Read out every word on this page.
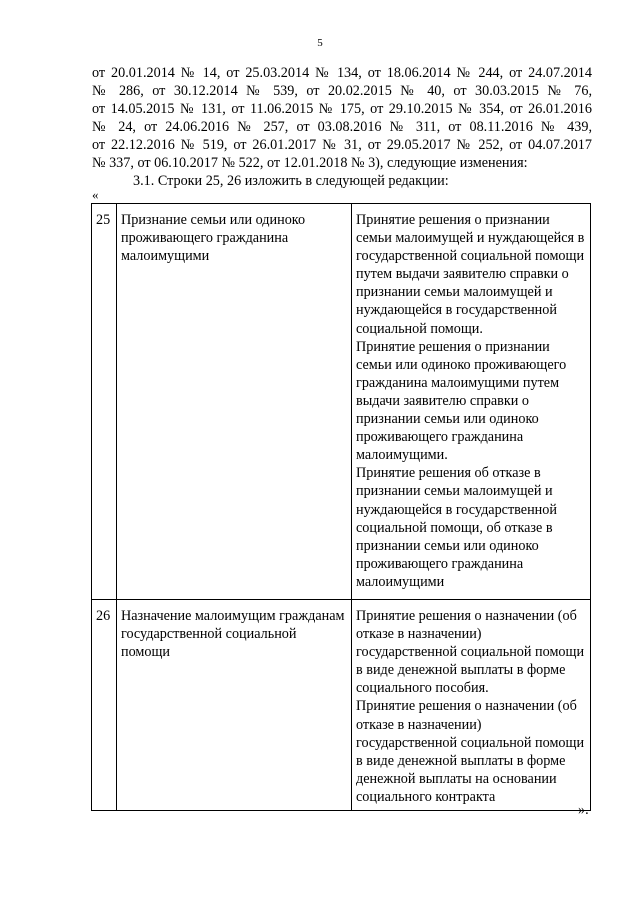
5
от 20.01.2014 № 14, от 25.03.2014 № 134, от 18.06.2014 № 244, от 24.07.2014
№ 286, от 30.12.2014 № 539, от 20.02.2015 № 40, от 30.03.2015 № 76,
от 14.05.2015 № 131, от 11.06.2015 № 175, от 29.10.2015 № 354, от 26.01.2016
№ 24, от 24.06.2016 № 257, от 03.08.2016 № 311, от 08.11.2016 № 439,
от 22.12.2016 № 519, от 26.01.2017 № 31, от 29.05.2017 № 252, от 04.07.2017
№ 337, от 06.10.2017 № 522, от 12.01.2018 № 3), следующие изменения:
3.1. Строки 25, 26 изложить в следующей редакции:
«
25	Признание семьи или одиноко проживающего гражданина малоимущими	Принятие решения о признании семьи малоимущей и нуждающейся в государственной социальной помощи путем выдачи заявителю справки о признании семьи малоимущей и нуждающейся в государственной социальной помощи.
Принятие решения о признании семьи или одиноко проживающего гражданина малоимущими путем выдачи заявителю справки о признании семьи или одиноко проживающего гражданина малоимущими.
Принятие решения об отказе в признании семьи малоимущей и нуждающейся в государственной социальной помощи, об отказе в признании семьи или одиноко проживающего гражданина малоимущими

26	Назначение малоимущим гражданам государственной социальной помощи	Принятие решения о назначении (об отказе в назначении) государственной социальной помощи в виде денежной выплаты в форме социального пособия.
Принятие решения о назначении (об отказе в назначении) государственной социальной помощи в виде денежной выплаты в форме денежной выплаты на основании социального контракта
».
